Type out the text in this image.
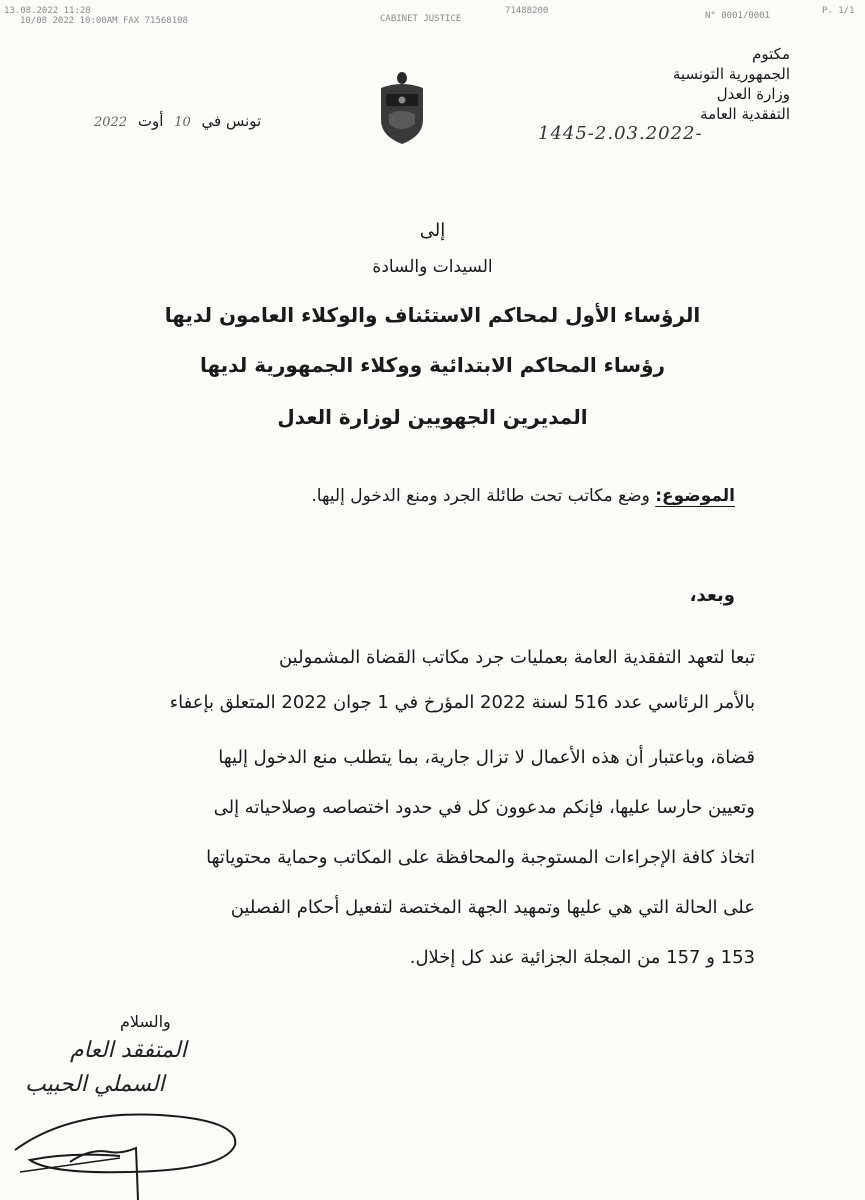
13.08.2022 11:28
10/08 2022 10:00AM FAX 71568108	CABINET JUSTICE
71488200	N° 0001/0001	P. 1/1
مكتوم
الجمهورية التونسية
وزارة العدل
التفقدية العامة
1445-2.03.2022-
تونس في 10 أوت 2022
إلى
السيدات والسادة
الرؤساء الأول لمحاكم الاستئناف والوكلاء العامون لديها
رؤساء المحاكم الابتدائية ووكلاء الجمهورية لديها
المديرين الجهويين لوزارة العدل
الموضوع: وضع مكاتب تحت طائلة الجرد ومنع الدخول إليها.
وبعد،
تبعا لتعهد التفقدية العامة بعمليات جرد مكاتب القضاة المشمولين
بالأمر الرئاسي عدد 516 لسنة 2022 المؤرخ في 1 جوان 2022 المتعلق بإعفاء
قضاة، وباعتبار أن هذه الأعمال لا تزال جارية، بما يتطلب منع الدخول إليها
وتعيين حارسا عليها، فإنكم مدعوون كل في حدود اختصاصه وصلاحياته إلى
اتخاذ كافة الإجراءات المستوجبة والمحافظة على المكاتب وحماية محتوياتها
على الحالة التي هي عليها وتمهيد الجهة المختصة لتفعيل أحكام الفصلين
153 و 157 من المجلة الجزائية عند كل إخلال.
والسلام
المتفقد العام
السملي الحبيب
